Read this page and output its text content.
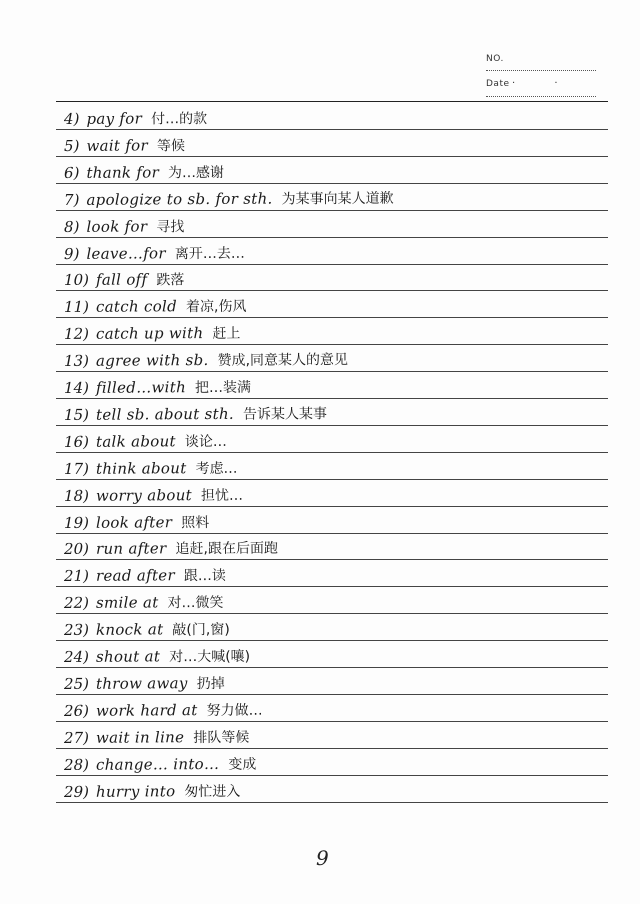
NO.
Date · ·
4) pay for 付…的款
5) wait for 等候
6) thank for 为…感谢
7) apologize to sb. for sth. 为某事向某人道歉
8) look for 寻找
9) leave…for 离开…去…
10) fall off 跌落
11) catch cold 着凉,伤风
12) catch up with 赶上
13) agree with sb. 赞成,同意某人的意见
14) filled…with 把…装满
15) tell sb. about sth. 告诉某人某事
16) talk about 谈论…
17) think about 考虑…
18) worry about 担忧…
19) look after 照料
20) run after 追赶,跟在后面跑
21) read after 跟…读
22) smile at 对…微笑
23) knock at 敲(门,窗)
24) shout at 对…大喊(嚷)
25) throw away 扔掉
26) work hard at 努力做…
27) wait in line 排队等候
28) change… into… 变成
29) hurry into 匆忙进入
9
